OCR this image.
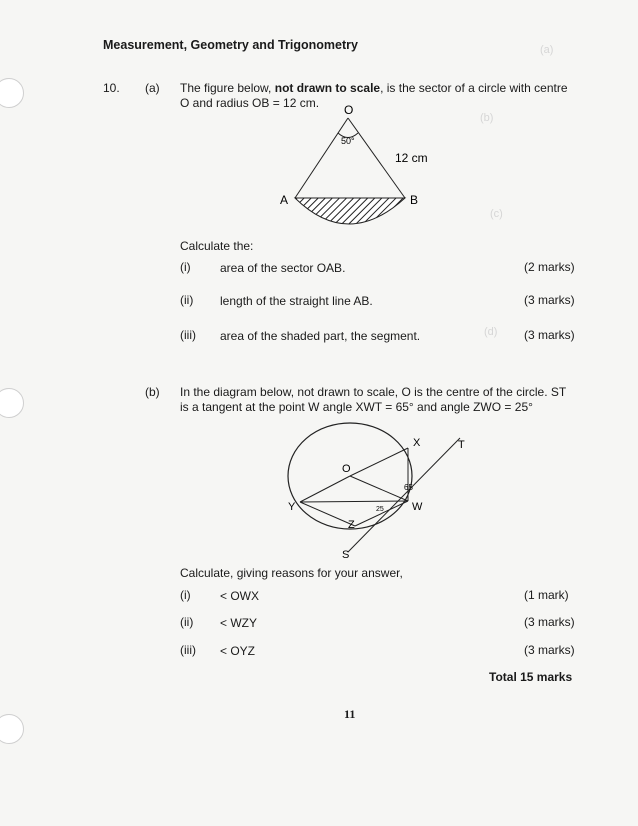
(a)
(b)
(c)
(d)
Measurement, Geometry and Trigonometry
10. (a) The figure below, not drawn to scale, is the sector of a circle with centre
O and radius OB = 12 cm. O
50°
12 cm
A	B
Calculate the:
(i) area of the sector OAB.	(2 marks)
(ii) length of the straight line AB.	(3 marks)
(iii) area of the shaded part, the segment.	(3 marks)
(b) In the diagram below, not drawn to scale, O is the centre of the circle. ST
is a tangent at the point W angle XWT = 65° and angle ZWO = 25°
X	T
O
65
25
Y	W
Z
S
Calculate, giving reasons for your answer,
(i) < OWX	(1 mark)
(ii) < WZY	(3 marks)
(iii) < OYZ	(3 marks)
Total 15 marks
11
